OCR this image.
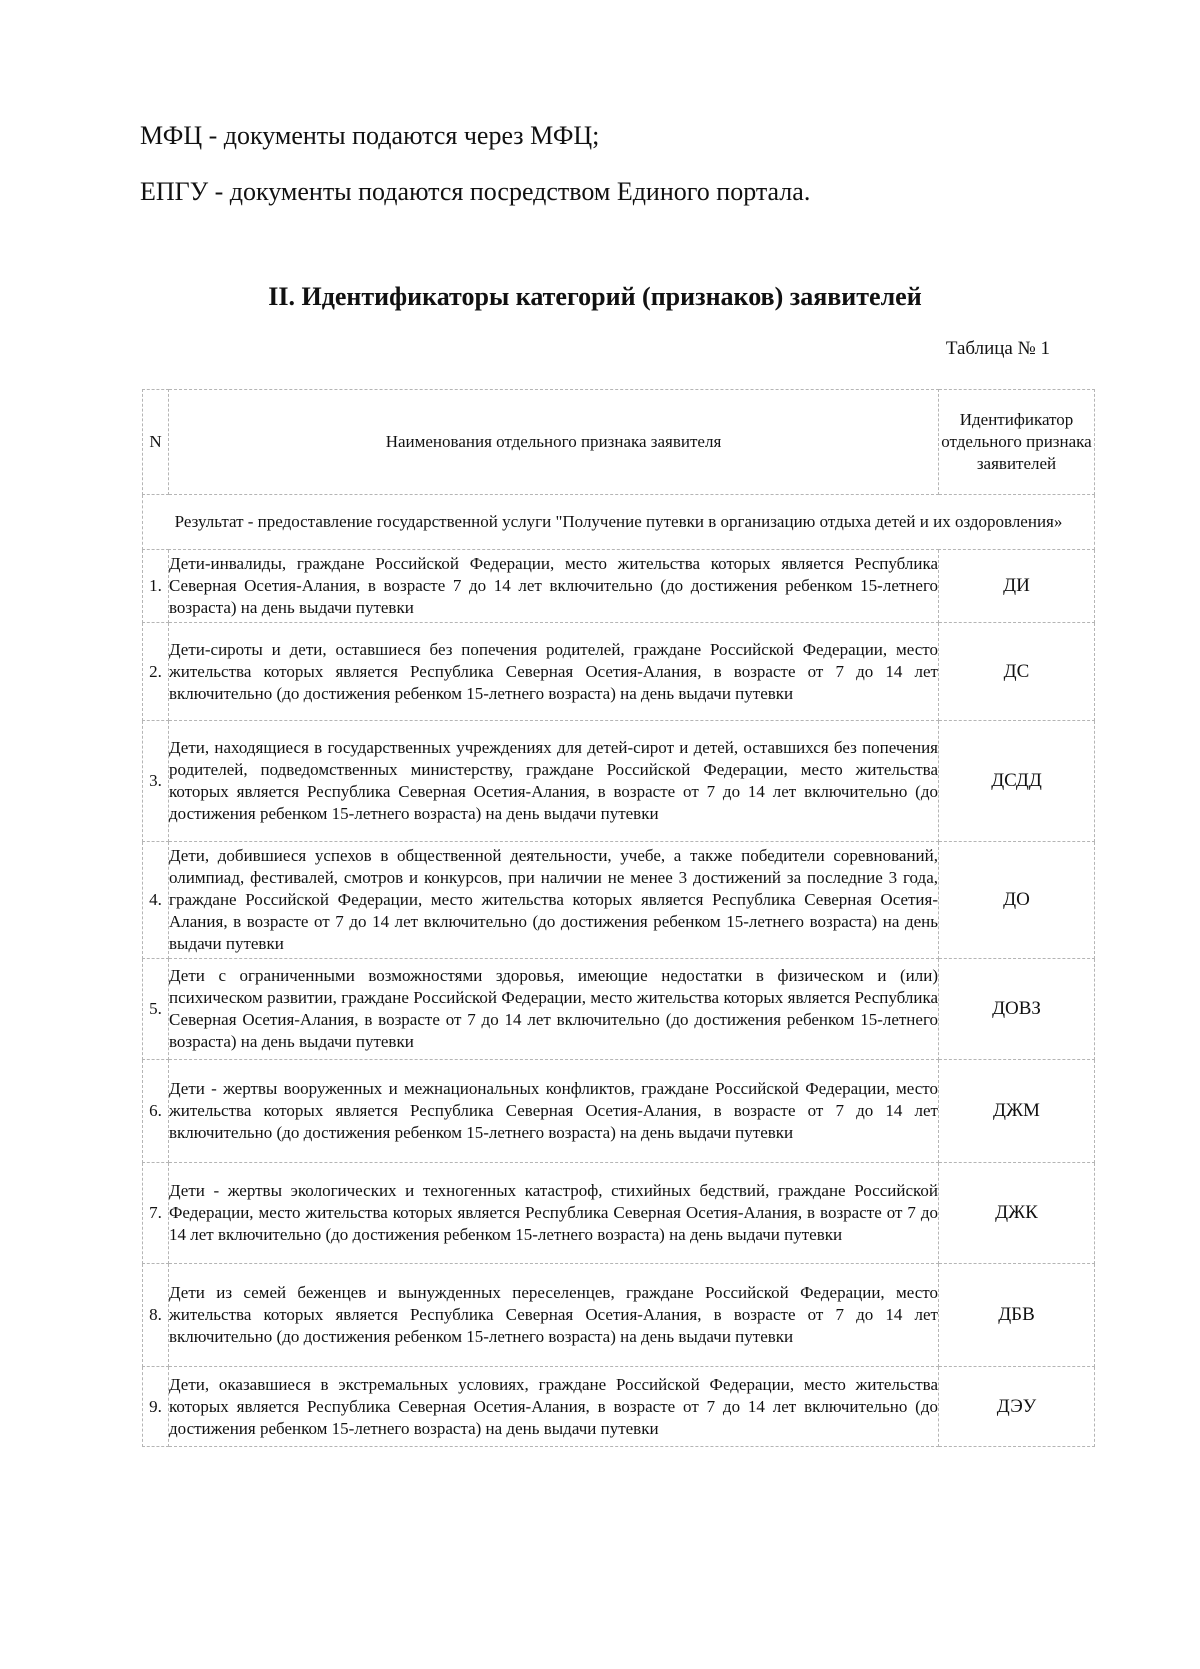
МФЦ - документы подаются через МФЦ;
ЕПГУ - документы подаются посредством Единого портала.
II. Идентификаторы категорий (признаков) заявителей
Таблица № 1
N	Наименования отдельного признака заявителя	Идентификатор отдельного признака заявителей
Результат - предоставление государственной услуги "Получение путевки в организацию отдыха детей и их оздоровления»		
1.	Дети-инвалиды, граждане Российской Федерации, место жительства которых является Республика Северная Осетия-Алания, в возрасте 7 до 14 лет включительно (до достижения ребенком 15-летнего возраста) на день выдачи путевки	ДИ
2.	Дети-сироты и дети, оставшиеся без попечения родителей, граждане Российской Федерации, место жительства которых является Республика Северная Осетия-Алания, в возрасте от 7 до 14 лет включительно (до достижения ребенком 15-летнего возраста) на день выдачи путевки	ДС
3.	Дети, находящиеся в государственных учреждениях для детей-сирот и детей, оставшихся без попечения родителей, подведомственных министерству, граждане Российской Федерации, место жительства которых является Республика Северная Осетия-Алания, в возрасте от 7 до 14 лет включительно (до достижения ребенком 15-летнего возраста) на день выдачи путевки	ДСДД
4.	Дети, добившиеся успехов в общественной деятельности, учебе, а также победители соревнований, олимпиад, фестивалей, смотров и конкурсов, при наличии не менее 3 достижений за последние 3 года, граждане Российской Федерации, место жительства которых является Республика Северная Осетия-Алания, в возрасте от 7 до 14 лет включительно (до достижения ребенком 15-летнего возраста) на день выдачи путевки	ДО
5.	Дети с ограниченными возможностями здоровья, имеющие недостатки в физическом и (или) психическом развитии, граждане Российской Федерации, место жительства которых является Республика Северная Осетия-Алания, в возрасте от 7 до 14 лет включительно (до достижения ребенком 15-летнего возраста) на день выдачи путевки	ДОВЗ
6.	Дети - жертвы вооруженных и межнациональных конфликтов, граждане Российской Федерации, место жительства которых является Республика Северная Осетия-Алания, в возрасте от 7 до 14 лет включительно (до достижения ребенком 15-летнего возраста) на день выдачи путевки	ДЖМ
7.	Дети - жертвы экологических и техногенных катастроф, стихийных бедствий, граждане Российской Федерации, место жительства которых является Республика Северная Осетия-Алания, в возрасте от 7 до 14 лет включительно (до достижения ребенком 15-летнего возраста) на день выдачи путевки	ДЖК
8.	Дети из семей беженцев и вынужденных переселенцев, граждане Российской Федерации, место жительства которых является Республика Северная Осетия-Алания, в возрасте от 7 до 14 лет включительно (до достижения ребенком 15-летнего возраста) на день выдачи путевки	ДБВ
9.	Дети, оказавшиеся в экстремальных условиях, граждане Российской Федерации, место жительства которых является Республика Северная Осетия-Алания, в возрасте от 7 до 14 лет включительно (до достижения ребенком 15-летнего возраста) на день выдачи путевки	ДЭУ
